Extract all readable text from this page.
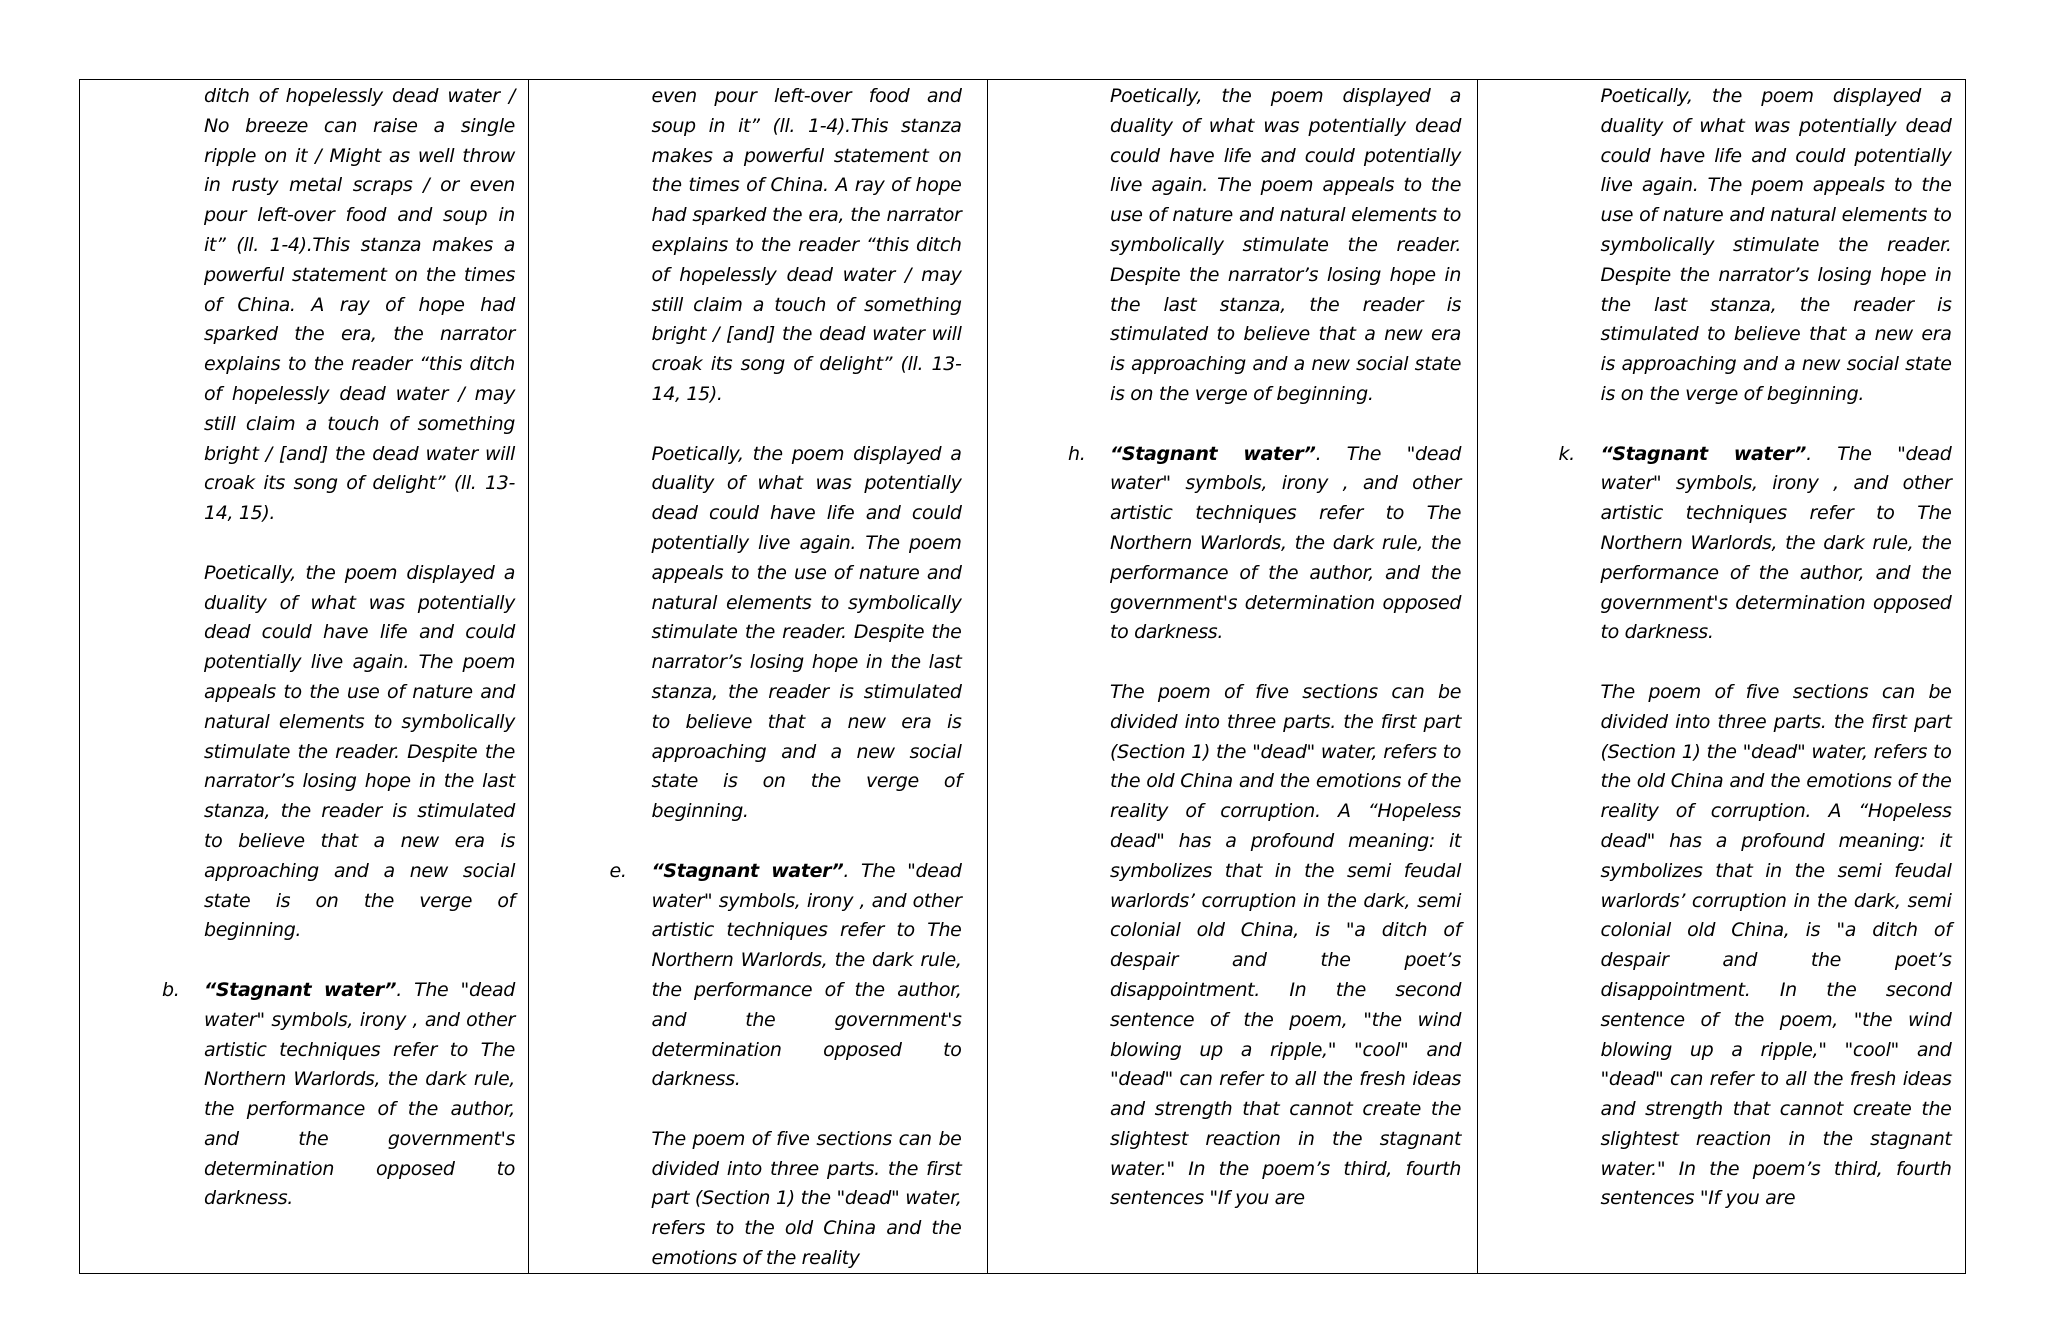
ditch of hopelessly dead water / No breeze can raise a single ripple on it / Might as well throw in rusty metal scraps / or even pour left-over food and soup in it” (ll. 1-4).This stanza makes a powerful statement on the times of China. A ray of hope had sparked the era, the narrator explains to the reader “this ditch of hopelessly dead water / may still claim a touch of something bright / [and] the dead water will croak its song of delight” (ll. 13-14, 15).

Poetically, the poem displayed a duality of what was potentially dead could have life and could potentially live again. The poem appeals to the use of nature and natural elements to symbolically stimulate the reader. Despite the narrator’s losing hope in the last stanza, the reader is stimulated to believe that a new era is approaching and a new social state is on the verge of beginning.

b. “Stagnant water”. The "dead water" symbols, irony , and other artistic techniques refer to The Northern Warlords, the dark rule, the performance of the author, and the government's determination opposed to darkness.

even pour left-over food and soup in it” (ll. 1-4).This stanza makes a powerful statement on the times of China. A ray of hope had sparked the era, the narrator explains to the reader “this ditch of hopelessly dead water / may still claim a touch of something bright / [and] the dead water will croak its song of delight” (ll. 13-14, 15).

Poetically, the poem displayed a duality of what was potentially dead could have life and could potentially live again. The poem appeals to the use of nature and natural elements to symbolically stimulate the reader. Despite the narrator’s losing hope in the last stanza, the reader is stimulated to believe that a new era is approaching and a new social state is on the verge of beginning.

e. “Stagnant water”. The "dead water" symbols, irony , and other artistic techniques refer to The Northern Warlords, the dark rule, the performance of the author, and the government's determination opposed to darkness.

The poem of five sections can be divided into three parts. the first part (Section 1) the "dead" water, refers to the old China and the emotions of the reality

Poetically, the poem displayed a duality of what was potentially dead could have life and could potentially live again. The poem appeals to the use of nature and natural elements to symbolically stimulate the reader. Despite the narrator’s losing hope in the last stanza, the reader is stimulated to believe that a new era is approaching and a new social state is on the verge of beginning.

h. “Stagnant water”. The "dead water" symbols, irony , and other artistic techniques refer to The Northern Warlords, the dark rule, the performance of the author, and the government's determination opposed to darkness.

The poem of five sections can be divided into three parts. the first part (Section 1) the "dead" water, refers to the old China and the emotions of the reality of corruption. A “Hopeless dead" has a profound meaning: it symbolizes that in the semi feudal warlords’ corruption in the dark, semi colonial old China, is "a ditch of despair and the poet’s disappointment. In the second sentence of the poem, "the wind blowing up a ripple," "cool" and "dead" can refer to all the fresh ideas and strength that cannot create the slightest reaction in the stagnant water." In the poem’s third, fourth sentences "If you are

Poetically, the poem displayed a duality of what was potentially dead could have life and could potentially live again. The poem appeals to the use of nature and natural elements to symbolically stimulate the reader. Despite the narrator’s losing hope in the last stanza, the reader is stimulated to believe that a new era is approaching and a new social state is on the verge of beginning.

k. “Stagnant water”. The "dead water" symbols, irony , and other artistic techniques refer to The Northern Warlords, the dark rule, the performance of the author, and the government's determination opposed to darkness.

The poem of five sections can be divided into three parts. the first part (Section 1) the "dead" water, refers to the old China and the emotions of the reality of corruption. A “Hopeless dead" has a profound meaning: it symbolizes that in the semi feudal warlords’ corruption in the dark, semi colonial old China, is "a ditch of despair and the poet’s disappointment. In the second sentence of the poem, "the wind blowing up a ripple," "cool" and "dead" can refer to all the fresh ideas and strength that cannot create the slightest reaction in the stagnant water." In the poem’s third, fourth sentences "If you are
